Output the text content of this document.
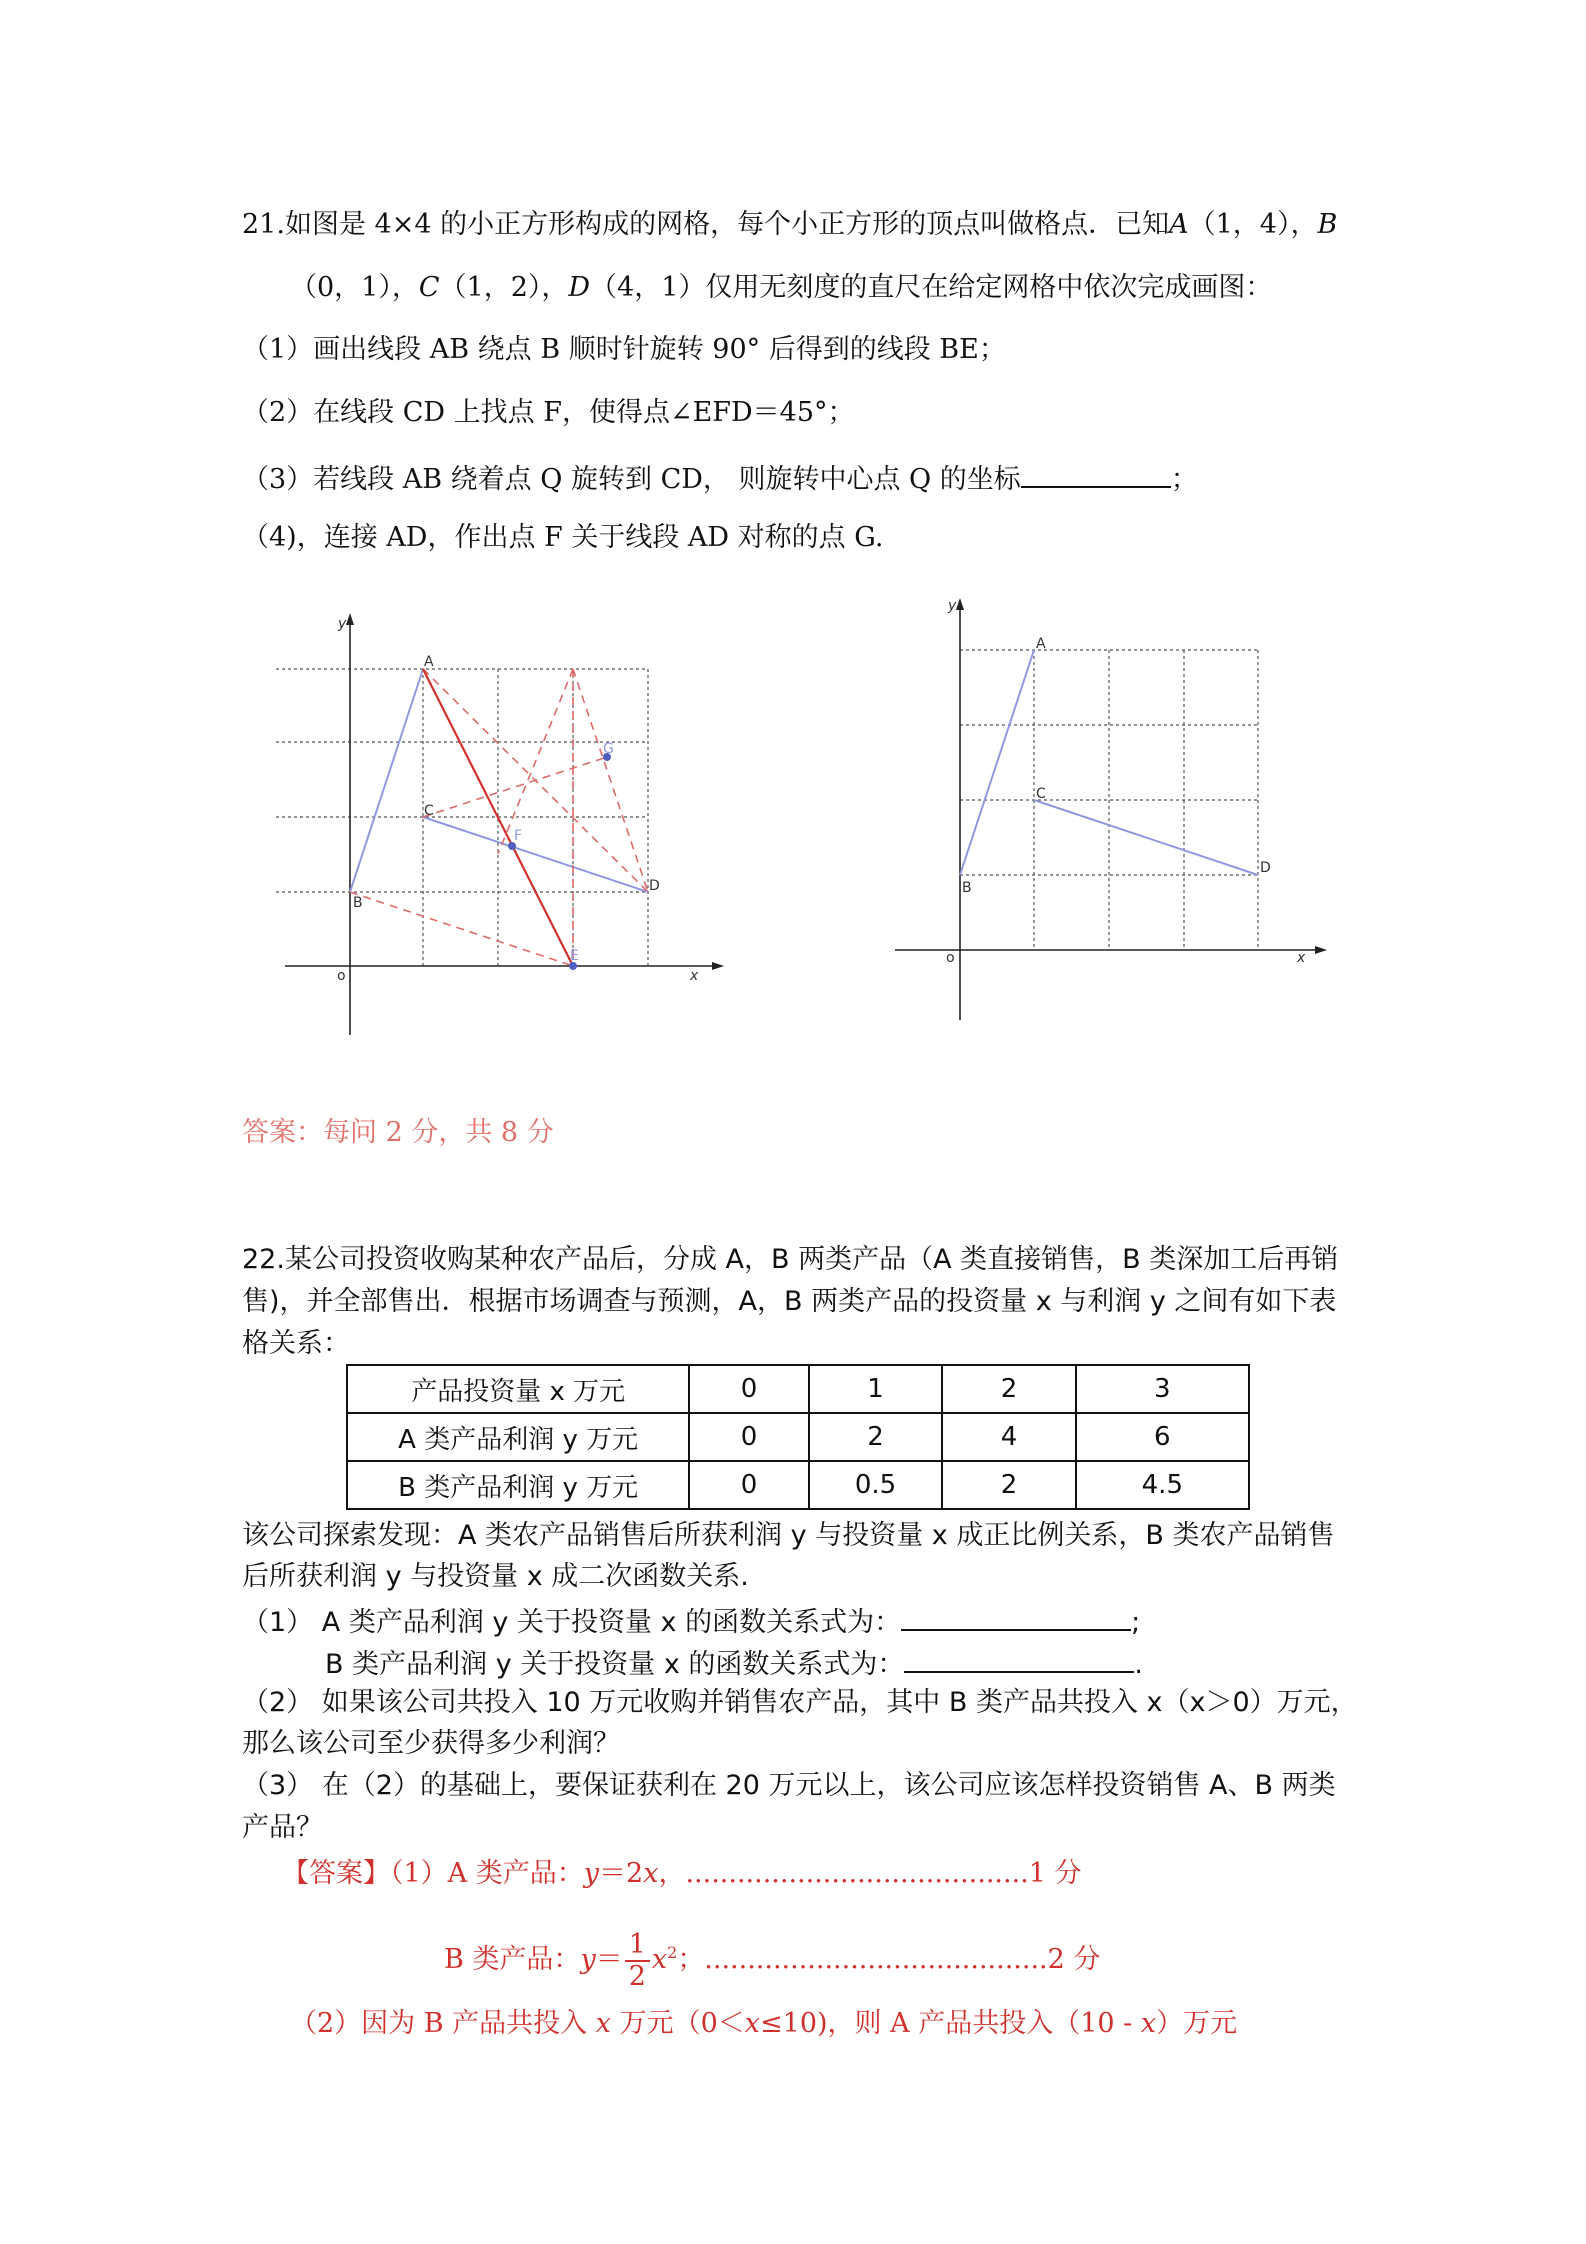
21.如图是 4×4 的小正方形构成的网格，每个小正方形的顶点叫做格点．已知A（1，4），B
（0，1），C（1，2），D（4，1）仅用无刻度的直尺在给定网格中依次完成画图：
（1）画出线段 AB 绕点 B 顺时针旋转 90° 后得到的线段 BE；
（2）在线段 CD 上找点 F，使得点∠EFD＝45°；
（3）若线段 AB 绕着点 Q 旋转到 CD， 则旋转中心点 Q 的坐标	；
（4)，连接 AD，作出点 F 关于线段 AD 对称的点 G.
y
x
o
A
B
C
D
E
F
G
y
x
o
A
B
C
D
答案：每问 2 分，共 8 分
22.某公司投资收购某种农产品后，分成 A，B 两类产品（A 类直接销售，B 类深加工后再销
售)，并全部售出．根据市场调查与预测，A，B 两类产品的投资量 x 与利润 y 之间有如下表
格关系：
产品投资量 x 万元	0	1	2	3
A 类产品利润 y 万元	0	2	4	6
B 类产品利润 y 万元	0	0.5	2	4.5
该公司探索发现：A 类农产品销售后所获利润 y 与投资量 x 成正比例关系，B 类农产品销售
后所获利润 y 与投资量 x 成二次函数关系.
（1） A 类产品利润 y 关于投资量 x 的函数关系式为：	;
B 类产品利润 y 关于投资量 x 的函数关系式为：	.
（2） 如果该公司共投入 10 万元收购并销售农产品，其中 B 类产品共投入 x（x＞0）万元，
那么该公司至少获得多少利润？
（3） 在（2）的基础上，要保证获利在 20 万元以上，该公司应该怎样投资销售 A、B 两类
产品？
【答案】（1）A 类产品：y＝2x，........................................1 分
B 类产品：$y= \frac{1}{2} x^2$；........................................2 分
（2）因为 B 产品共投入 x 万元（0＜x≤10)，则 A 产品共投入（10 - x）万元
